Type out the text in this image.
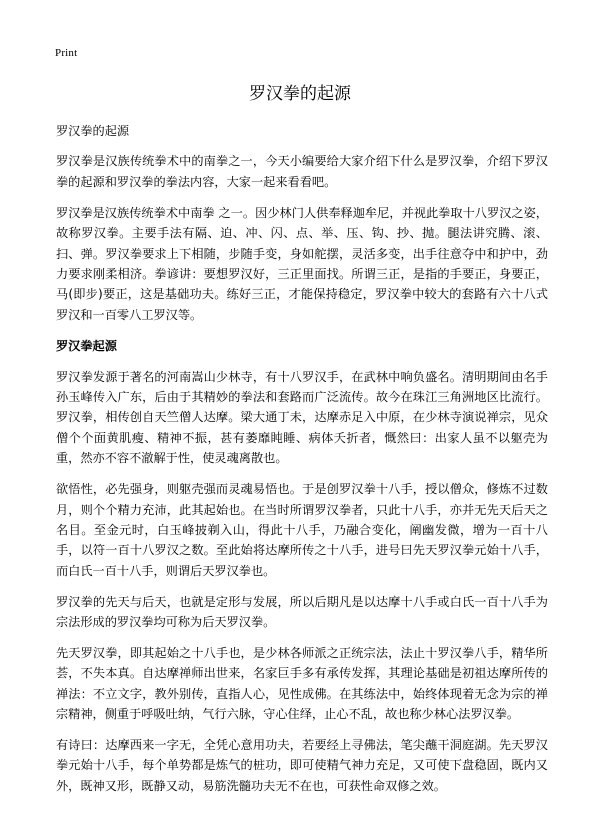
Print
罗汉拳的起源

罗汉拳的起源

罗汉拳是汉族传统拳术中的南拳之一，今天小编要给大家介绍下什么是罗汉拳，介绍下罗汉拳的起源和罗汉拳的拳法内容，大家一起来看看吧。

罗汉拳是汉族传统拳术中南拳 之一。因少林门人供奉释迦牟尼，并视此拳取十八罗汉之姿，故称罗汉拳。主要手法有隔、迫、冲、闪、点、举、压、钩、抄、抛。腿法讲究腾、滚、扫、弹。罗汉拳要求上下相随，步随手变，身如舵摆，灵活多变，出手往意夺中和护中，劲力要求刚柔相济。拳谚讲：要想罗汉好，三正里面找。所谓三正，是指的手要正，身要正，马(即步)要正，这是基础功夫。练好三正，才能保持稳定，罗汉拳中较大的套路有六十八式罗汉和一百零八工罗汉等。

罗汉拳起源

罗汉拳发源于著名的河南嵩山少林寺，有十八罗汉手，在武林中响负盛名。清明期间由名手孙玉峰传入广东，后由于其精妙的拳法和套路而广泛流传。故今在珠江三角洲地区比流行。罗汉拳，相传创自天竺僧人达摩。梁大通丁未，达摩赤足入中原，在少林寺演说禅宗，见众僧个个面黄肌瘦、精神不振，甚有萎靡盹睡、病体夭折者，慨然曰：出家人虽不以躯壳为重，然亦不容不澈解于性，使灵魂离散也。

欲悟性，必先强身，则躯壳强而灵魂易悟也。于是创罗汉拳十八手，授以僧众，修炼不过数月，则个个精力充沛，此其起始也。在当时所谓罗汉拳者，只此十八手，亦并无先天后天之名目。至金元时，白玉峰披剃入山，得此十八手，乃融合变化，阐幽发微，增为一百十八手，以符一百十八罗汉之数。至此始将达摩所传之十八手，进号曰先天罗汉拳元始十八手，而白氏一百十八手，则谓后天罗汉拳也。

罗汉拳的先天与后天，也就是定形与发展，所以后期凡是以达摩十八手或白氏一百十八手为宗法形成的罗汉拳均可称为后天罗汉拳。

先天罗汉拳，即其起始之十八手也，是少林各师派之正统宗法，法止十罗汉拳八手，精华所荟，不失本真。自达摩禅师出世来，名家巨手多有承传发挥，其理论基础是初祖达摩所传的禅法：不立文字，教外别传，直指人心，见性成佛。在其练法中，始终体现着无念为宗的禅宗精神，侧重于呼吸吐纳，气行六脉，守心住绎，止心不乱，故也称少林心法罗汉拳。

有诗曰：达摩西来一字无，全凭心意用功夫，若要经上寻佛法，笔尖蘸干洞庭湖。先天罗汉拳元始十八手，每个单势都是炼气的桩功，即可使精气神力充足，又可使下盘稳固，既内又外，既神又形，既静又动，易筋洗髓功夫无不在也，可获性命双修之效。
